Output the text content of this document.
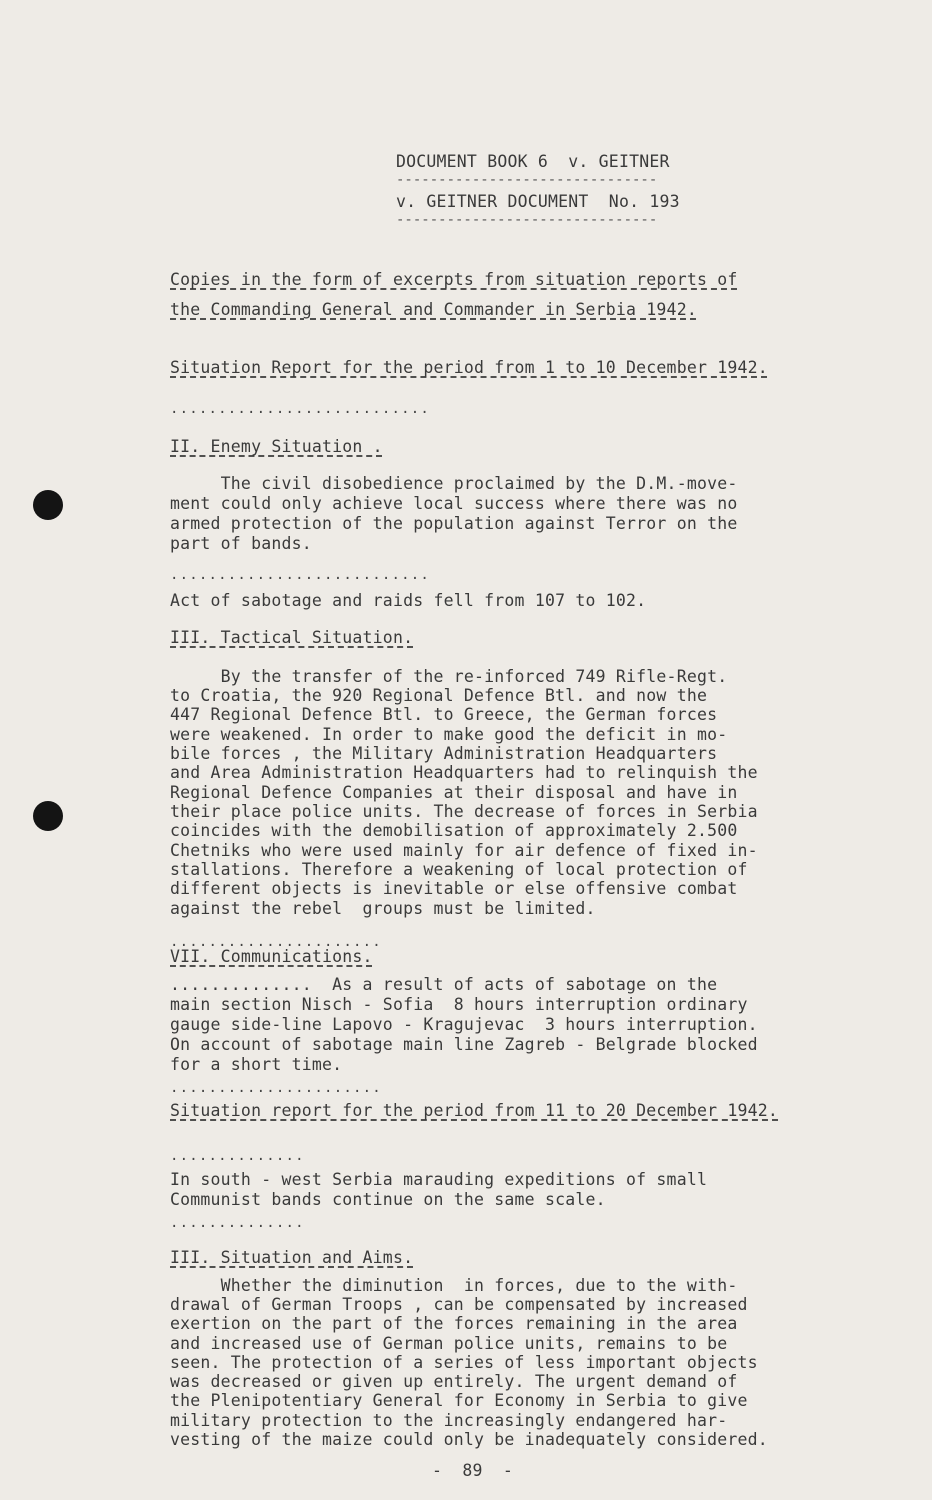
DOCUMENT BOOK 6  v. GEITNER
-------------------------------
v. GEITNER DOCUMENT  No. 193
-------------------------------
Copies in the form of excerpts from situation reports of
the Commanding General and Commander in Serbia 1942.
Situation Report for the period from 1 to 10 December 1942.
...........................
II. Enemy Situation .
The civil disobedience proclaimed by the D.M.-move-
ment could only achieve local success where there was no
armed protection of the population against Terror on the
part of bands.
...........................
Act of sabotage and raids fell from 107 to 102.
III. Tactical Situation.
By the transfer of the re-inforced 749 Rifle-Regt.
to Croatia, the 920 Regional Defence Btl. and now the
447 Regional Defence Btl. to Greece, the German forces
were weakened. In order to make good the deficit in mo-
bile forces , the Military Administration Headquarters
and Area Administration Headquarters had to relinquish the
Regional Defence Companies at their disposal and have in
their place police units. The decrease of forces in Serbia
coincides with the demobilisation of approximately 2.500
Chetniks who were used mainly for air defence of fixed in-
stallations. Therefore a weakening of local protection of
different objects is inevitable or else offensive combat
against the rebel  groups must be limited.
......................
VII. Communications.
..............  As a result of acts of sabotage on the
main section Nisch - Sofia  8 hours interruption ordinary
gauge side-line Lapovo - Kragujevac  3 hours interruption.
On account of sabotage main line Zagreb - Belgrade blocked
for a short time.
......................
Situation report for the period from 11 to 20 December 1942.
..............
In south - west Serbia marauding expeditions of small
Communist bands continue on the same scale.
..............
III. Situation and Aims.
Whether the diminution  in forces, due to the with-
drawal of German Troops , can be compensated by increased
exertion on the part of the forces remaining in the area
and increased use of German police units, remains to be
seen. The protection of a series of less important objects
was decreased or given up entirely. The urgent demand of
the Plenipotentiary General for Economy in Serbia to give
military protection to the increasingly endangered har-
vesting of the maize could only be inadequately considered.
-  89  -
